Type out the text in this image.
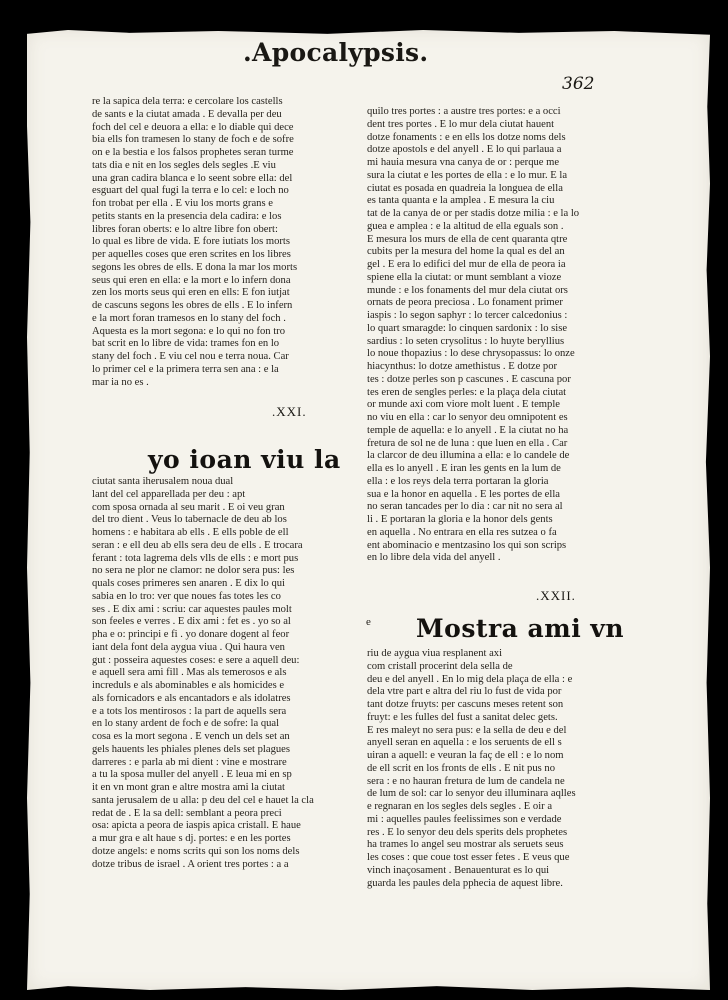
.Apocalypsis.
362
re la sapica dela terra: e cercolare los castells
de sants e la ciutat amada . E devalla per deu
foch del cel e deuora a ella: e lo diable qui dece
bia ells fon tramesen lo stany de foch e de sofre
on e la bestia e los falsos prophetes seran turme
tats dia e nit en los segles dels segles .E viu
una gran cadira blanca e lo seent sobre ella: del
esguart del qual fugi la terra e lo cel: e loch no
fon trobat per ella . E viu los morts grans e
petits stants en la presencia dela cadira: e los
libres foran oberts: e lo altre libre fon obert:
lo qual es libre de vida. E fore iutiats los morts
per aquelles coses que eren scrites en los libres
segons les obres de ells. E dona la mar los morts
seus qui eren en ella: e la mort e lo infern dona
zen los morts seus qui eren en ells: E fon iutjat
de cascuns segons les obres de ells . E lo infern
e la mort foran tramesos en lo stany del foch .
Aquesta es la mort segona: e lo qui no fon tro
bat scrit en lo libre de vida: trames fon en lo
stany del foch . E viu cel nou e terra noua. Car
lo primer cel e la primera terra sen ana : e la
mar ia no es .
.XXI.
yo ioan viu la
ciutat santa iherusalem noua dual
lant del cel apparellada per deu : apt
com sposa ornada al seu marit . E oi veu gran
del tro dient . Veus lo tabernacle de deu ab los
homens : e habitara ab ells . E ells poble de ell
seran : e ell deu ab ells sera deu de ells . E trocara
ferant : tota lagrema dels vlls de ells : e mort pus
no sera ne plor ne clamor: ne dolor sera pus: les
quals coses primeres sen anaren . E dix lo qui
sabia en lo tro: ver que noues fas totes les co
ses . E dix ami : scriu: car aquestes paules molt
son feeles e verres . E dix ami : fet es . yo so al
pha e o: principi e fi . yo donare dogent al feor
iant dela font dela aygua viua . Qui haura ven
gut : posseira aquestes coses: e sere a aquell deu:
e aquell sera ami fill . Mas als temerosos e als
increduls e als abominables e als homicides e
als fornicadors e als encantadors e als idolatres
e a tots los mentirosos : la part de aquells sera
en lo stany ardent de foch e de sofre: la qual
cosa es la mort segona . E vench un dels set an
gels hauents les phiales plenes dels set plagues
darreres : e parla ab mi dient : vine e mostrare
a tu la sposa muller del anyell . E leua mi en sp
it en vn mont gran e altre mostra ami la ciutat
santa jerusalem de u alla: p deu del cel e hauet la cla
redat de . E la sa dell: semblant a peora preci
osa: apicta a peora de iaspis apica cristall. E haue
a mur gra e alt haue s dj. portes: e en les portes
dotze angels: e noms scrits qui son los noms dels
dotze tribus de israel . A orient tres portes : a a
quilo tres portes : a austre tres portes: e a occi
dent tres portes . E lo mur dela ciutat hauent
dotze fonaments : e en ells los dotze noms dels
dotze apostols e del anyell . E lo qui parlaua a
mi hauia mesura vna canya de or : perque me
sura la ciutat e les portes de ella : e lo mur. E la
ciutat es posada en quadreia la longuea de ella
es tanta quanta e la amplea . E mesura la ciu
tat de la canya de or per stadis dotze milia : e la lo
guea e amplea : e la altitud de ella eguals son .
E mesura los murs de ella de cent quaranta qtre
cubits per la mesura del home la qual es del an
gel . E era lo edifici del mur de ella de peora ia
spiene ella la ciutat: or munt semblant a vioze
munde : e los fonaments del mur dela ciutat ors
ornats de peora preciosa . Lo fonament primer
iaspis : lo segon saphyr : lo tercer calcedonius :
lo quart smaragde: lo cinquen sardonix : lo sise
sardius : lo seten crysolitus : lo huyte beryllius
lo noue thopazius : lo dese chrysopassus: lo onze
hiacynthus: lo dotze amethistus . E dotze por
tes : dotze perles son p cascunes . E cascuna por
tes eren de sengles perles: e la plaça dela ciutat
or munde axi com viore molt luent . E temple
no viu en ella : car lo senyor deu omnipotent es
temple de aquella: e lo anyell . E la ciutat no ha
fretura de sol ne de luna : que luen en ella . Car
la clarcor de deu illumina a ella: e lo candele de
ella es lo anyell . E iran les gents en la lum de
ella : e los reys dela terra portaran la gloria
sua e la honor en aquella . E les portes de ella
no seran tancades per lo dia : car nit no sera al
li . E portaran la gloria e la honor dels gents
en aquella . No entrara en ella res sutzea o fa
ent abominacio e mentzasino los qui son scrips
en lo libre dela vida del anyell .
.XXII.
e Mostra ami vn
riu de aygua viua resplanent axi
com cristall procerint dela sella de
deu e del anyell . En lo mig dela plaça de ella : e
dela vtre part e altra del riu lo fust de vida por
tant dotze fruyts: per cascuns meses retent son
fruyt: e les fulles del fust a sanitat delec gets.
E res maleyt no sera pus: e la sella de deu e del
anyell seran en aquella : e los seruents de ell s
uiran a aquell: e veuran la faç de ell : e lo nom
de ell scrit en los fronts de ells . E nit pus no
sera : e no hauran fretura de lum de candela ne
de lum de sol: car lo senyor deu illuminara aqlles
e regnaran en los segles dels segles . E oir a
mi : aquelles paules feelissimes son e verdade
res . E lo senyor deu dels sperits dels prophetes
ha trames lo angel seu mostrar als seruets seus
les coses : que coue tost esser fetes . E veus que
vinch inaçosament . Benauenturat es lo qui
guarda les paules dela pphecia de aquest libre.
